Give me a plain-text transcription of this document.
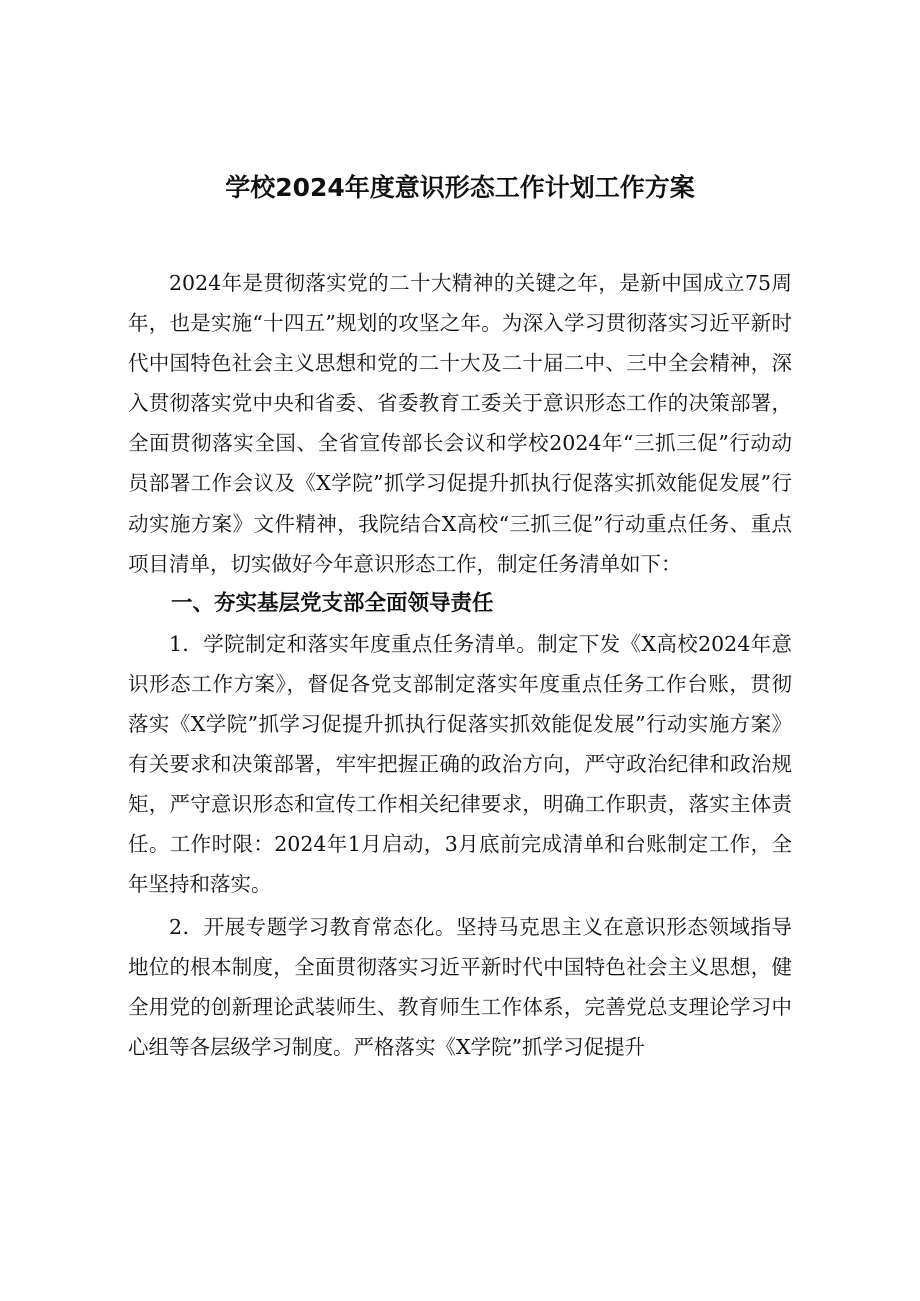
学校2024年度意识形态工作计划工作方案

2024年是贯彻落实党的二十大精神的关键之年，是新中国成立75周年，也是实施“十四五”规划的攻坚之年。为深入学习贯彻落实习近平新时代中国特色社会主义思想和党的二十大及二十届二中、三中全会精神，深入贯彻落实党中央和省委、省委教育工委关于意识形态工作的决策部署，全面贯彻落实全国、全省宣传部长会议和学校2024年“三抓三促”行动动员部署工作会议及《X学院”抓学习促提升抓执行促落实抓效能促发展”行动实施方案》文件精神，我院结合X高校“三抓三促”行动重点任务、重点项目清单，切实做好今年意识形态工作，制定任务清单如下：

一、夯实基层党支部全面领导责任

1．学院制定和落实年度重点任务清单。制定下发《X高校2024年意识形态工作方案》，督促各党支部制定落实年度重点任务工作台账，贯彻落实《X学院”抓学习促提升抓执行促落实抓效能促发展”行动实施方案》有关要求和决策部署，牢牢把握正确的政治方向，严守政治纪律和政治规矩，严守意识形态和宣传工作相关纪律要求，明确工作职责，落实主体责任。工作时限：2024年1月启动，3月底前完成清单和台账制定工作，全年坚持和落实。

2．开展专题学习教育常态化。坚持马克思主义在意识形态领域指导地位的根本制度，全面贯彻落实习近平新时代中国特色社会主义思想，健全用党的创新理论武装师生、教育师生工作体系，完善党总支理论学习中心组等各层级学习制度。严格落实《X学院”抓学习促提升
